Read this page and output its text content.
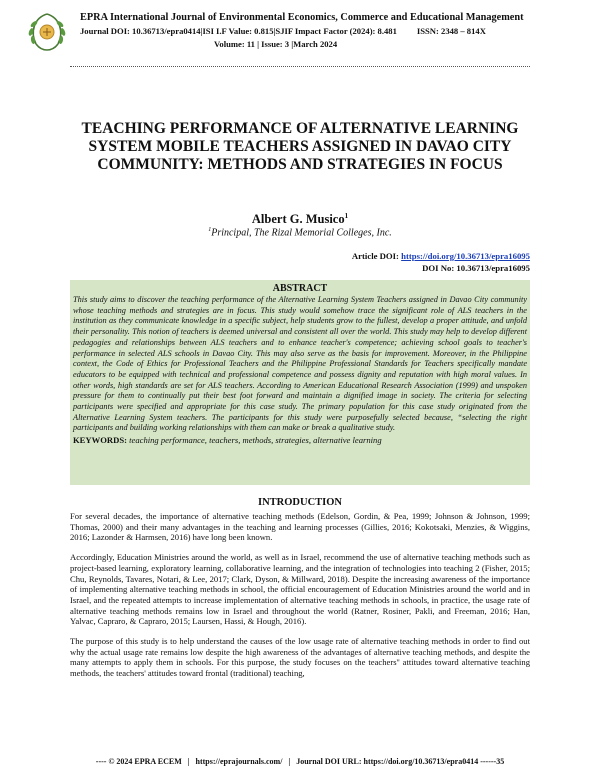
EPRA International Journal of Environmental Economics, Commerce and Educational Management
Journal DOI: 10.36713/epra0414|ISI I.F Value: 0.815|SJIF Impact Factor (2024): 8.481 ISSN: 2348 – 814X
Volume: 11 | Issue: 3 |March 2024
TEACHING PERFORMANCE OF ALTERNATIVE LEARNING SYSTEM MOBILE TEACHERS ASSIGNED IN DAVAO CITY COMMUNITY: METHODS AND STRATEGIES IN FOCUS
Albert G. Musico$^1$
$^1$Principal, The Rizal Memorial Colleges, Inc.
Article DOI: https://doi.org/10.36713/epra16095
DOI No: 10.36713/epra16095
ABSTRACT
This study aims to discover the teaching performance of the Alternative Learning System Teachers assigned in Davao City community whose teaching methods and strategies are in focus. This study would somehow trace the significant role of ALS teachers in the institution as they communicate knowledge in a specific subject, help students grow to the fullest, develop a proper attitude, and unfold their personality. This notion of teachers is deemed universal and consistent all over the world. This study may help to develop different pedagogies and relationships between ALS teachers and to enhance teacher's competence; achieving school goals to teacher's performance in selected ALS schools in Davao City. This may also serve as the basis for improvement. Moreover, in the Philippine context, the Code of Ethics for Professional Teachers and the Philippine Professional Standards for Teachers specifically mandate educators to be equipped with technical and professional competence and possess dignity and reputation with high moral values. In other words, high standards are set for ALS teachers. According to American Educational Research Association (1999) and unspoken pressure for them to continually put their best foot forward and maintain a dignified image in society. The criteria for selecting participants were specified and appropriate for this case study. The primary population for this case study originated from the Alternative Learning System teachers. The participants for this study were purposefully selected because, “selecting the right participants and building working relationships with them can make or break a qualitative study.
KEYWORDS: teaching performance, teachers, methods, strategies, alternative learning
INTRODUCTION

For several decades, the importance of alternative teaching methods (Edelson, Gordin, & Pea, 1999; Johnson & Johnson, 1999; Thomas, 2000) and their many advantages in the teaching and learning processes (Gillies, 2016; Kokotsaki, Menzies, & Wiggins, 2016; Lazonder & Harmsen, 2016) have long been known.

Accordingly, Education Ministries around the world, as well as in Israel, recommend the use of alternative teaching methods such as project-based learning, exploratory learning, collaborative learning, and the integration of technologies into teaching 2 (Fisher, 2015; Chu, Reynolds, Tavares, Notari, & Lee, 2017; Clark, Dyson, & Millward, 2018). Despite the increasing awareness of the importance of implementing alternative teaching methods in school, the official encouragement of Education Ministries around the world and in Israel, and the repeated attempts to increase implementation of alternative teaching methods in schools, in practice, the usage rate of alternative teaching methods remains low in Israel and throughout the world (Ratner, Rosiner, Pakli, and Freeman, 2016; Han, Yalvac, Capraro, & Capraro, 2015; Laursen, Hassi, & Hough, 2016).

The purpose of this study is to help understand the causes of the low usage rate of alternative teaching methods in order to find out why the actual usage rate remains low despite the high awareness of the advantages of alternative teaching methods, and despite the many attempts to apply them in schools. For this purpose, the study focuses on the teachers'' attitudes toward alternative teaching methods, the teachers' attitudes toward frontal (traditional) teaching,

---- © 2024 EPRA ECEM | https://eprajournals.com/ | Journal DOI URL: https://doi.org/10.36713/epra0414 ------35
